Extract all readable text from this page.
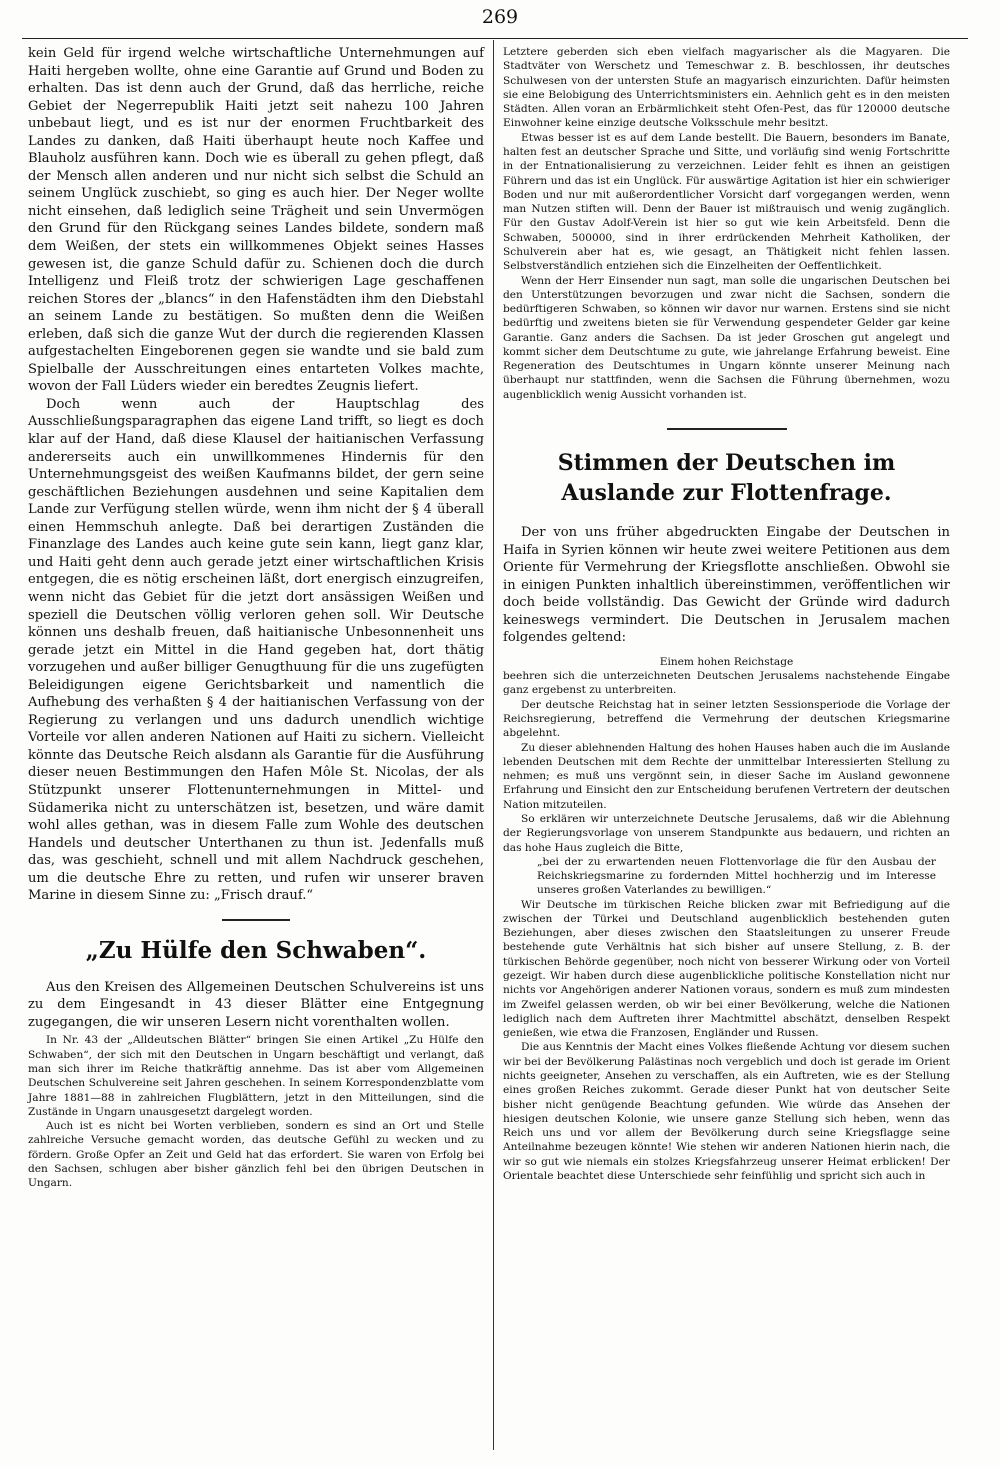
269

kein Geld für irgend welche wirtschaftliche Unternehmungen auf Haiti hergeben wollte, ohne eine Garantie auf Grund und Boden zu erhalten. Das ist denn auch der Grund, daß das herrliche, reiche Gebiet der Negerrepublik Haiti jetzt seit nahezu 100 Jahren unbebaut liegt, und es ist nur der enormen Fruchtbarkeit des Landes zu danken, daß Haiti überhaupt heute noch Kaffee und Blauholz ausführen kann. Doch wie es überall zu gehen pflegt, daß der Mensch allen anderen und nur nicht sich selbst die Schuld an seinem Unglück zuschiebt, so ging es auch hier. Der Neger wollte nicht einsehen, daß lediglich seine Trägheit und sein Unvermögen den Grund für den Rückgang seines Landes bildete, sondern maß dem Weißen, der stets ein willkommenes Objekt seines Hasses gewesen ist, die ganze Schuld dafür zu. Schienen doch die durch Intelligenz und Fleiß trotz der schwierigen Lage geschaffenen reichen Stores der „blancs“ in den Hafenstädten ihm den Diebstahl an seinem Lande zu bestätigen. So mußten denn die Weißen erleben, daß sich die ganze Wut der durch die regierenden Klassen aufgestachelten Eingeborenen gegen sie wandte und sie bald zum Spielballe der Ausschreitungen eines entarteten Volkes machte, wovon der Fall Lüders wieder ein beredtes Zeugnis liefert.

Doch wenn auch der Hauptschlag des Ausschließungsparagraphen das eigene Land trifft, so liegt es doch klar auf der Hand, daß diese Klausel der haitianischen Verfassung andererseits auch ein unwillkommenes Hindernis für den Unternehmungsgeist des weißen Kaufmanns bildet, der gern seine geschäftlichen Beziehungen ausdehnen und seine Kapitalien dem Lande zur Verfügung stellen würde, wenn ihm nicht der § 4 überall einen Hemmschuh anlegte. Daß bei derartigen Zuständen die Finanzlage des Landes auch keine gute sein kann, liegt ganz klar, und Haiti geht denn auch gerade jetzt einer wirtschaftlichen Krisis entgegen, die es nötig erscheinen läßt, dort energisch einzugreifen, wenn nicht das Gebiet für die jetzt dort ansässigen Weißen und speziell die Deutschen völlig verloren gehen soll. Wir Deutsche können uns deshalb freuen, daß haitianische Unbesonnenheit uns gerade jetzt ein Mittel in die Hand gegeben hat, dort thätig vorzugehen und außer billiger Genugthuung für die uns zugefügten Beleidigungen eigene Gerichtsbarkeit und namentlich die Aufhebung des verhaßten § 4 der haitianischen Verfassung von der Regierung zu verlangen und uns dadurch unendlich wichtige Vorteile vor allen anderen Nationen auf Haiti zu sichern. Vielleicht könnte das Deutsche Reich alsdann als Garantie für die Ausführung dieser neuen Bestimmungen den Hafen Môle St. Nicolas, der als Stützpunkt unserer Flottenunternehmungen in Mittel- und Südamerika nicht zu unterschätzen ist, besetzen, und wäre damit wohl alles gethan, was in diesem Falle zum Wohle des deutschen Handels und deutscher Unterthanen zu thun ist. Jedenfalls muß das, was geschieht, schnell und mit allem Nachdruck geschehen, um die deutsche Ehre zu retten, und rufen wir unserer braven Marine in diesem Sinne zu: „Frisch drauf.“

„Zu Hülfe den Schwaben“.

Aus den Kreisen des Allgemeinen Deutschen Schulvereins ist uns zu dem Eingesandt in 43 dieser Blätter eine Entgegnung zugegangen, die wir unseren Lesern nicht vorenthalten wollen.

In Nr. 43 der „Alldeutschen Blätter“ bringen Sie einen Artikel „Zu Hülfe den Schwaben“, der sich mit den Deutschen in Ungarn beschäftigt und verlangt, daß man sich ihrer im Reiche thatkräftig annehme. Das ist aber vom Allgemeinen Deutschen Schulvereine seit Jahren geschehen. In seinem Korrespondenzblatte vom Jahre 1881—88 in zahlreichen Flugblättern, jetzt in den Mitteilungen, sind die Zustände in Ungarn unausgesetzt dargelegt worden.

Auch ist es nicht bei Worten verblieben, sondern es sind an Ort und Stelle zahlreiche Versuche gemacht worden, das deutsche Gefühl zu wecken und zu fördern. Große Opfer an Zeit und Geld hat das erfordert. Sie waren von Erfolg bei den Sachsen, schlugen aber bisher gänzlich fehl bei den übrigen Deutschen in Ungarn.

Letztere geberden sich eben vielfach magyarischer als die Magyaren. Die Stadtväter von Werschetz und Temeschwar z. B. beschlossen, ihr deutsches Schulwesen von der untersten Stufe an magyarisch einzurichten. Dafür heimsten sie eine Belobigung des Unterrichtsministers ein. Aehnlich geht es in den meisten Städten. Allen voran an Erbärmlichkeit steht Ofen-Pest, das für 120000 deutsche Einwohner keine einzige deutsche Volksschule mehr besitzt.

Etwas besser ist es auf dem Lande bestellt. Die Bauern, besonders im Banate, halten fest an deutscher Sprache und Sitte, und vorläufig sind wenig Fortschritte in der Entnationalisierung zu verzeichnen. Leider fehlt es ihnen an geistigen Führern und das ist ein Unglück. Für auswärtige Agitation ist hier ein schwieriger Boden und nur mit außerordentlicher Vorsicht darf vorgegangen werden, wenn man Nutzen stiften will. Denn der Bauer ist mißtrauisch und wenig zugänglich. Für den Gustav Adolf-Verein ist hier so gut wie kein Arbeitsfeld. Denn die Schwaben, 500000, sind in ihrer erdrückenden Mehrheit Katholiken, der Schulverein aber hat es, wie gesagt, an Thätigkeit nicht fehlen lassen. Selbstverständlich entziehen sich die Einzelheiten der Oeffentlichkeit.

Wenn der Herr Einsender nun sagt, man solle die ungarischen Deutschen bei den Unterstützungen bevorzugen und zwar nicht die Sachsen, sondern die bedürftigeren Schwaben, so können wir davor nur warnen. Erstens sind sie nicht bedürftig und zweitens bieten sie für Verwendung gespendeter Gelder gar keine Garantie. Ganz anders die Sachsen. Da ist jeder Groschen gut angelegt und kommt sicher dem Deutschtume zu gute, wie jahrelange Erfahrung beweist. Eine Regeneration des Deutschtumes in Ungarn könnte unserer Meinung nach überhaupt nur stattfinden, wenn die Sachsen die Führung übernehmen, wozu augenblicklich wenig Aussicht vorhanden ist.

Stimmen der Deutschen im Auslande zur Flottenfrage.

Der von uns früher abgedruckten Eingabe der Deutschen in Haifa in Syrien können wir heute zwei weitere Petitionen aus dem Oriente für Vermehrung der Kriegsflotte anschließen. Obwohl sie in einigen Punkten inhaltlich übereinstimmen, veröffentlichen wir doch beide vollständig. Das Gewicht der Gründe wird dadurch keineswegs vermindert. Die Deutschen in Jerusalem machen folgendes geltend:

Einem hohen Reichstage

beehren sich die unterzeichneten Deutschen Jerusalems nachstehende Eingabe ganz ergebenst zu unterbreiten.

Der deutsche Reichstag hat in seiner letzten Sessionsperiode die Vorlage der Reichsregierung, betreffend die Vermehrung der deutschen Kriegsmarine abgelehnt.

Zu dieser ablehnenden Haltung des hohen Hauses haben auch die im Auslande lebenden Deutschen mit dem Rechte der unmittelbar Interessierten Stellung zu nehmen; es muß uns vergönnt sein, in dieser Sache im Ausland gewonnene Erfahrung und Einsicht den zur Entscheidung berufenen Vertretern der deutschen Nation mitzuteilen.

So erklären wir unterzeichnete Deutsche Jerusalems, daß wir die Ablehnung der Regierungsvorlage von unserem Standpunkte aus bedauern, und richten an das hohe Haus zugleich die Bitte,

„bei der zu erwartenden neuen Flottenvorlage die für den Ausbau der Reichskriegsmarine zu fordernden Mittel hochherzig und im Interesse unseres großen Vaterlandes zu bewilligen.“

Wir Deutsche im türkischen Reiche blicken zwar mit Befriedigung auf die zwischen der Türkei und Deutschland augenblicklich bestehenden guten Beziehungen, aber dieses zwischen den Staatsleitungen zu unserer Freude bestehende gute Verhältnis hat sich bisher auf unsere Stellung, z. B. der türkischen Behörde gegenüber, noch nicht von besserer Wirkung oder von Vorteil gezeigt. Wir haben durch diese augenblickliche politische Konstellation nicht nur nichts vor Angehörigen anderer Nationen voraus, sondern es muß zum mindesten im Zweifel gelassen werden, ob wir bei einer Bevölkerung, welche die Nationen lediglich nach dem Auftreten ihrer Machtmittel abschätzt, denselben Respekt genießen, wie etwa die Franzosen, Engländer und Russen.

Die aus Kenntnis der Macht eines Volkes fließende Achtung vor diesem suchen wir bei der Bevölkerung Palästinas noch vergeblich und doch ist gerade im Orient nichts geeigneter, Ansehen zu verschaffen, als ein Auftreten, wie es der Stellung eines großen Reiches zukommt. Gerade dieser Punkt hat von deutscher Seite bisher nicht genügende Beachtung gefunden. Wie würde das Ansehen der hiesigen deutschen Kolonie, wie unsere ganze Stellung sich heben, wenn das Reich uns und vor allem der Bevölkerung durch seine Kriegsflagge seine Anteilnahme bezeugen könnte! Wie stehen wir anderen Nationen hierin nach, die wir so gut wie niemals ein stolzes Kriegsfahrzeug unserer Heimat erblicken! Der Orientale beachtet diese Unterschiede sehr feinfühlig und spricht sich auch in
